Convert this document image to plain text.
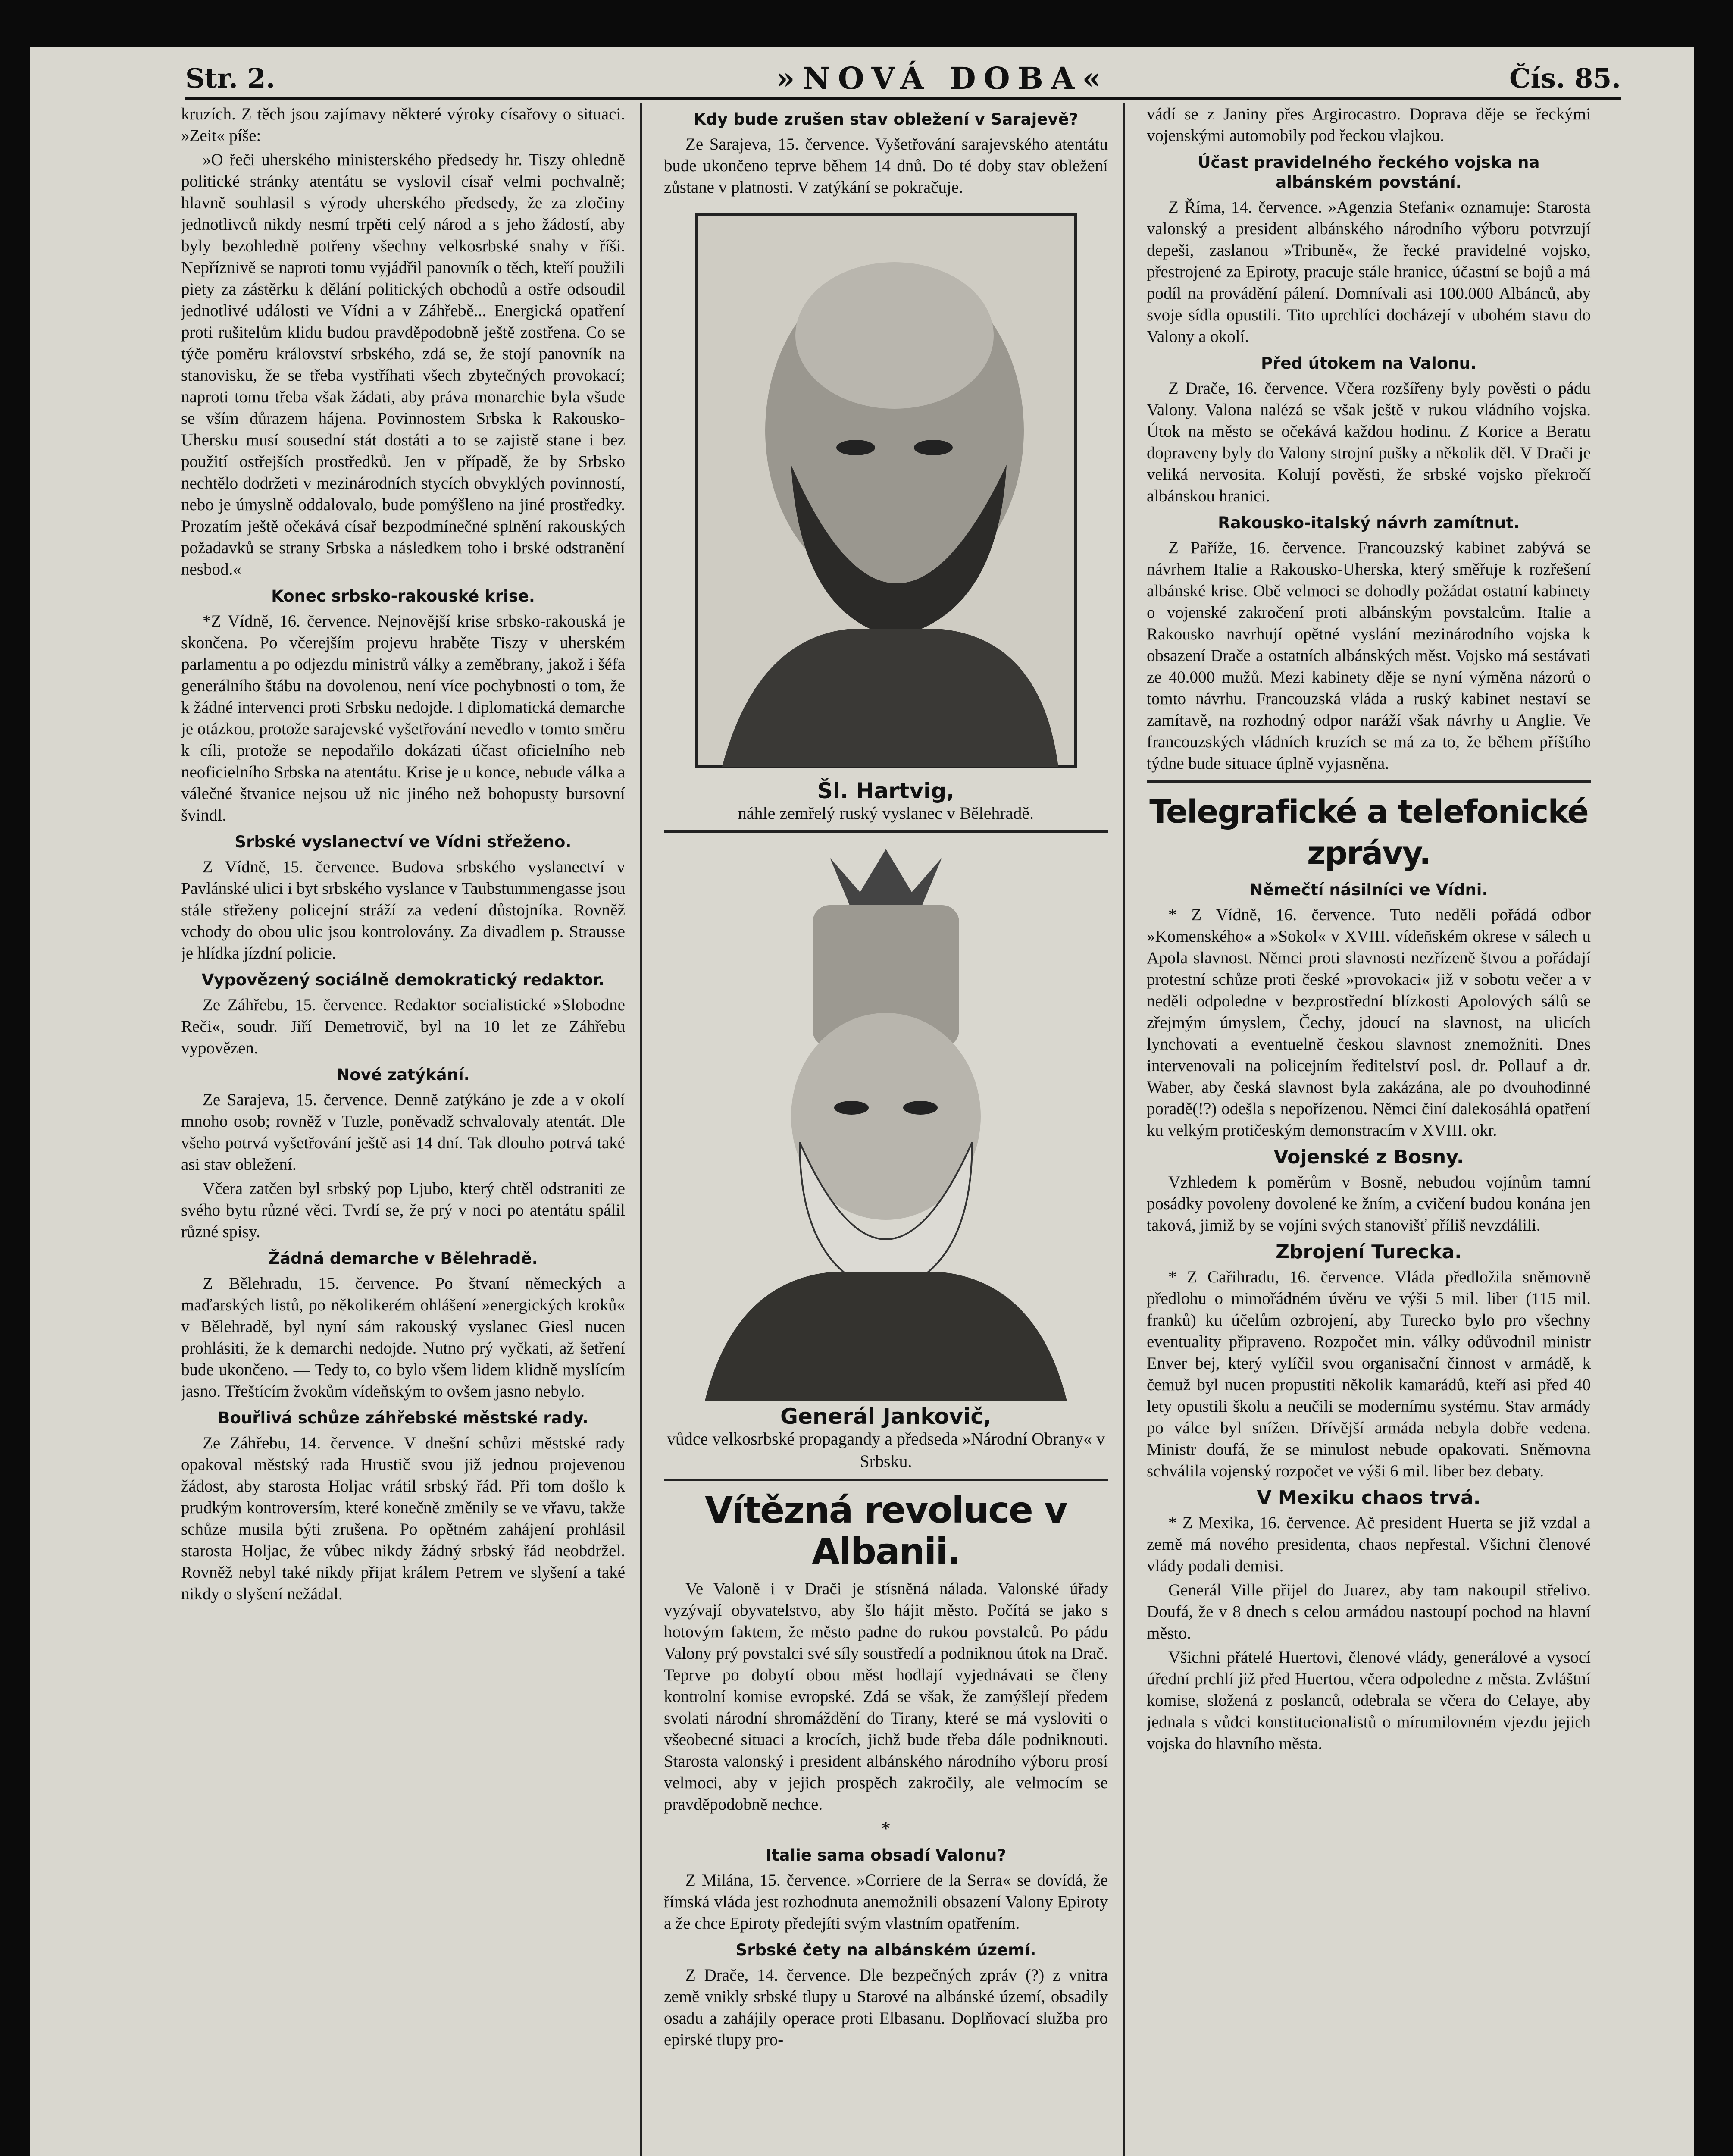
Str. 2.	»NOVÁ DOBA«	Čís. 85.

kruzích. Z těch jsou zajímavy některé výroky císařovy o situaci. »Zeit« píše:

»O řeči uherského ministerského předsedy hr. Tiszy ohledně politické stránky atentátu se vyslovil císař velmi pochvalně; hlavně souhlasil s výrody uherského předsedy, že za zločiny jednotlivců nikdy nesmí trpěti celý národ a s jeho žádostí, aby byly bezohledně potřeny všechny velkosrbské snahy v říši. Nepříznivě se naproti tomu vyjádřil panovník o těch, kteří použili piety za zástěrku k dělání politických obchodů a ostře odsoudil jednotlivé události ve Vídni a v Záhřebě... Energická opatření proti rušitelům klidu budou pravděpodobně ještě zostřena. Co se týče poměru království srbského, zdá se, že stojí panovník na stanovisku, že se třeba vystříhati všech zbytečných provokací; naproti tomu třeba však žádati, aby práva monarchie byla všude se vším důrazem hájena. Povinnostem Srbska k Rakousko-Uhersku musí sousední stát dostáti a to se zajistě stane i bez použití ostřejších prostředků. Jen v případě, že by Srbsko nechtělo dodržeti v mezinárodních stycích obvyklých povinností, nebo je úmyslně oddalovalo, bude pomýšleno na jiné prostředky. Prozatím ještě očekává císař bezpodmínečné splnění rakouských požadavků se strany Srbska a následkem toho i brské odstranění nesbod.«

Konec srbsko-rakouské krise.

*Z Vídně, 16. července. Nejnovější krise srbsko-rakouská je skončena. Po včerejším projevu hraběte Tiszy v uherském parlamentu a po odjezdu ministrů války a zeměbrany, jakož i šéfa generálního štábu na dovolenou, není více pochybnosti o tom, že k žádné intervenci proti Srbsku nedojde. I diplomatická demarche je otázkou, protože sarajevské vyšetřování nevedlo v tomto směru k cíli, protože se nepodařilo dokázati účast oficielního neb neoficielního Srbska na atentátu. Krise je u konce, nebude válka a válečné štvanice nejsou už nic jiného než bohopusty bursovní švindl.

Srbské vyslanectví ve Vídni střeženo.

Z Vídně, 15. července. Budova srbského vyslanectví v Pavlánské ulici i byt srbského vyslance v Taubstummengasse jsou stále střeženy policejní stráží za vedení důstojníka. Rovněž vchody do obou ulic jsou kontrolovány. Za divadlem p. Strausse je hlídka jízdní policie.

Vypovězený sociálně demokratický redaktor.

Ze Záhřebu, 15. července. Redaktor socialistické »Slobodne Reči«, soudr. Jiří Demetrovič, byl na 10 let ze Záhřebu vypovězen.

Nové zatýkání.

Ze Sarajeva, 15. července. Denně zatýkáno je zde a v okolí mnoho osob; rovněž v Tuzle, poněvadž schvalovaly atentát. Dle všeho potrvá vyšetřování ještě asi 14 dní. Tak dlouho potrvá také asi stav obležení.

Včera zatčen byl srbský pop Ljubo, který chtěl odstraniti ze svého bytu různé věci. Tvrdí se, že prý v noci po atentátu spálil různé spisy.

Žádná demarche v Bělehradě.

Z Bělehradu, 15. července. Po štvaní německých a maďarských listů, po několikerém ohlášení »energických kroků« v Bělehradě, byl nyní sám rakouský vyslanec Giesl nucen prohlásiti, že k demarchi nedojde. Nutno prý vyčkati, až šetření bude ukončeno. — Tedy to, co bylo všem lidem klidně myslícím jasno. Třeštícím žvokům vídeňským to ovšem jasno nebylo.

Bouřlivá schůze záhřebské městské rady.

Ze Záhřebu, 14. července. V dnešní schůzi městské rady opakoval městský rada Hrustič svou již jednou projevenou žádost, aby starosta Holjac vrátil srbský řád. Při tom došlo k prudkým kontroversím, které konečně změnily se ve vřavu, takže schůze musila býti zrušena. Po opětném zahájení prohlásil starosta Holjac, že vůbec nikdy žádný srbský řád neobdržel. Rovněž nebyl také nikdy přijat králem Petrem ve slyšení a také nikdy o slyšení nežádal.

Kdy bude zrušen stav obležení v Sarajevě?

Ze Sarajeva, 15. července. Vyšetřování sarajevského atentátu bude ukončeno teprve během 14 dnů. Do té doby stav obležení zůstane v platnosti. V zatýkání se pokračuje.

Šl. Hartvig,
náhle zemřelý ruský vyslanec v Bělehradě.
Generál Jankovič,
vůdce velkosrbské propagandy a předseda »Národní Obrany« v Srbsku.
Vítězná revoluce v Albanii.

Ve Valoně i v Drači je stísněná nálada. Valonské úřady vyzývají obyvatelstvo, aby šlo hájit město. Počítá se jako s hotovým faktem, že město padne do rukou povstalců. Po pádu Valony prý povstalci své síly soustředí a podniknou útok na Drač. Teprve po dobytí obou měst hodlají vyjednávati se členy kontrolní komise evropské. Zdá se však, že zamýšlejí předem svolati národní shromáždění do Tirany, které se má vysloviti o všeobecné situaci a krocích, jichž bude třeba dále podniknouti. Starosta valonský i president albánského národního výboru prosí velmoci, aby v jejich prospěch zakročily, ale velmocím se pravděpodobně nechce.

*
Italie sama obsadí Valonu?

Z Milána, 15. července. »Corriere de la Serra« se dovídá, že římská vláda jest rozhodnuta anemožnili obsazení Valony Epiroty a že chce Epiroty předejíti svým vlastním opatřením.

Srbské čety na albánském území.

Z Drače, 14. července. Dle bezpečných zpráv (?) z vnitra země vnikly srbské tlupy u Starové na albánské území, obsadily osadu a zahájily operace proti Elbasanu. Doplňovací služba pro epirské tlupy pro-

vádí se z Janiny přes Argirocastro. Doprava děje se řeckými vojenskými automobily pod řeckou vlajkou.

Účast pravidelného řeckého vojska na albánském povstání.

Z Říma, 14. července. »Agenzia Stefani« oznamuje: Starosta valonský a president albánského národního výboru potvrzují depeši, zaslanou »Tribuně«, že řecké pravidelné vojsko, přestrojené za Epiroty, pracuje stále hranice, účastní se bojů a má podíl na provádění pálení. Domnívali asi 100.000 Albánců, aby svoje sídla opustili. Tito uprchlíci docházejí v ubohém stavu do Valony a okolí.

Před útokem na Valonu.

Z Drače, 16. července. Včera rozšířeny byly pověsti o pádu Valony. Valona nalézá se však ještě v rukou vládního vojska. Útok na město se očekává každou hodinu. Z Korice a Beratu dopraveny byly do Valony strojní pušky a několik děl. V Drači je veliká nervosita. Kolují pověsti, že srbské vojsko překročí albánskou hranici.

Rakousko-italský návrh zamítnut.

Z Paříže, 16. července. Francouzský kabinet zabývá se návrhem Italie a Rakousko-Uherska, který směřuje k rozřešení albánské krise. Obě velmoci se dohodly požádat ostatní kabinety o vojenské zakročení proti albánským povstalcům. Italie a Rakousko navrhují opětné vyslání mezinárodního vojska k obsazení Drače a ostatních albánských měst. Vojsko má sestávati ze 40.000 mužů. Mezi kabinety děje se nyní výměna názorů o tomto návrhu. Francouzská vláda a ruský kabinet nestaví se zamítavě, na rozhodný odpor naráží však návrhy u Anglie. Ve francouzských vládních kruzích se má za to, že během příštího týdne bude situace úplně vyjasněna.

Telegrafické a telefonické zprávy.
Němečtí násilníci ve Vídni.

* Z Vídně, 16. července. Tuto neděli pořádá odbor »Komenského« a »Sokol« v XVIII. vídeňském okrese v sálech u Apola slavnost. Němci proti slavnosti nezřízeně štvou a pořádají protestní schůze proti české »provokaci« již v sobotu večer a v neděli odpoledne v bezprostřední blízkosti Apolových sálů se zřejmým úmyslem, Čechy, jdoucí na slavnost, na ulicích lynchovati a eventuelně českou slavnost znemožniti. Dnes intervenovali na policejním ředitelství posl. dr. Pollauf a dr. Waber, aby česká slavnost byla zakázána, ale po dvouhodinné poradě(!?) odešla s nepořízenou. Němci činí dalekosáhlá opatření ku velkým protičeským demonstracím v XVIII. okr.

Vojenské z Bosny.

Vzhledem k poměrům v Bosně, nebudou vojínům tamní posádky povoleny dovolené ke žním, a cvičení budou konána jen taková, jimiž by se vojíni svých stanovišť příliš nevzdálili.

Zbrojení Turecka.

* Z Cařihradu, 16. července. Vláda předložila sněmovně předlohu o mimořádném úvěru ve výši 5 mil. liber (115 mil. franků) ku účelům ozbrojení, aby Turecko bylo pro všechny eventuality připraveno. Rozpočet min. války odůvodnil ministr Enver bej, který vylíčil svou organisační činnost v armádě, k čemuž byl nucen propustiti několik kamarádů, kteří asi před 40 lety opustili školu a neučili se modernímu systému. Stav armády po válce byl snížen. Dřívější armáda nebyla dobře vedena. Ministr doufá, že se minulost nebude opakovati. Sněmovna schválila vojenský rozpočet ve výši 6 mil. liber bez debaty.

V Mexiku chaos trvá.

* Z Mexika, 16. července. Ač president Huerta se již vzdal a země má nového presidenta, chaos nepřestal. Všichni členové vlády podali demisi.

Generál Ville přijel do Juarez, aby tam nakoupil střelivo. Doufá, že v 8 dnech s celou armádou nastoupí pochod na hlavní město.

Všichni přátelé Huertovi, členové vlády, generálové a vysocí úřední prchlí již před Huertou, včera odpoledne z města. Zvláštní komise, složená z poslanců, odebrala se včera do Celaye, aby jednala s vůdci konstitucionalistů o mírumilovném vjezdu jejich vojska do hlavního města.
